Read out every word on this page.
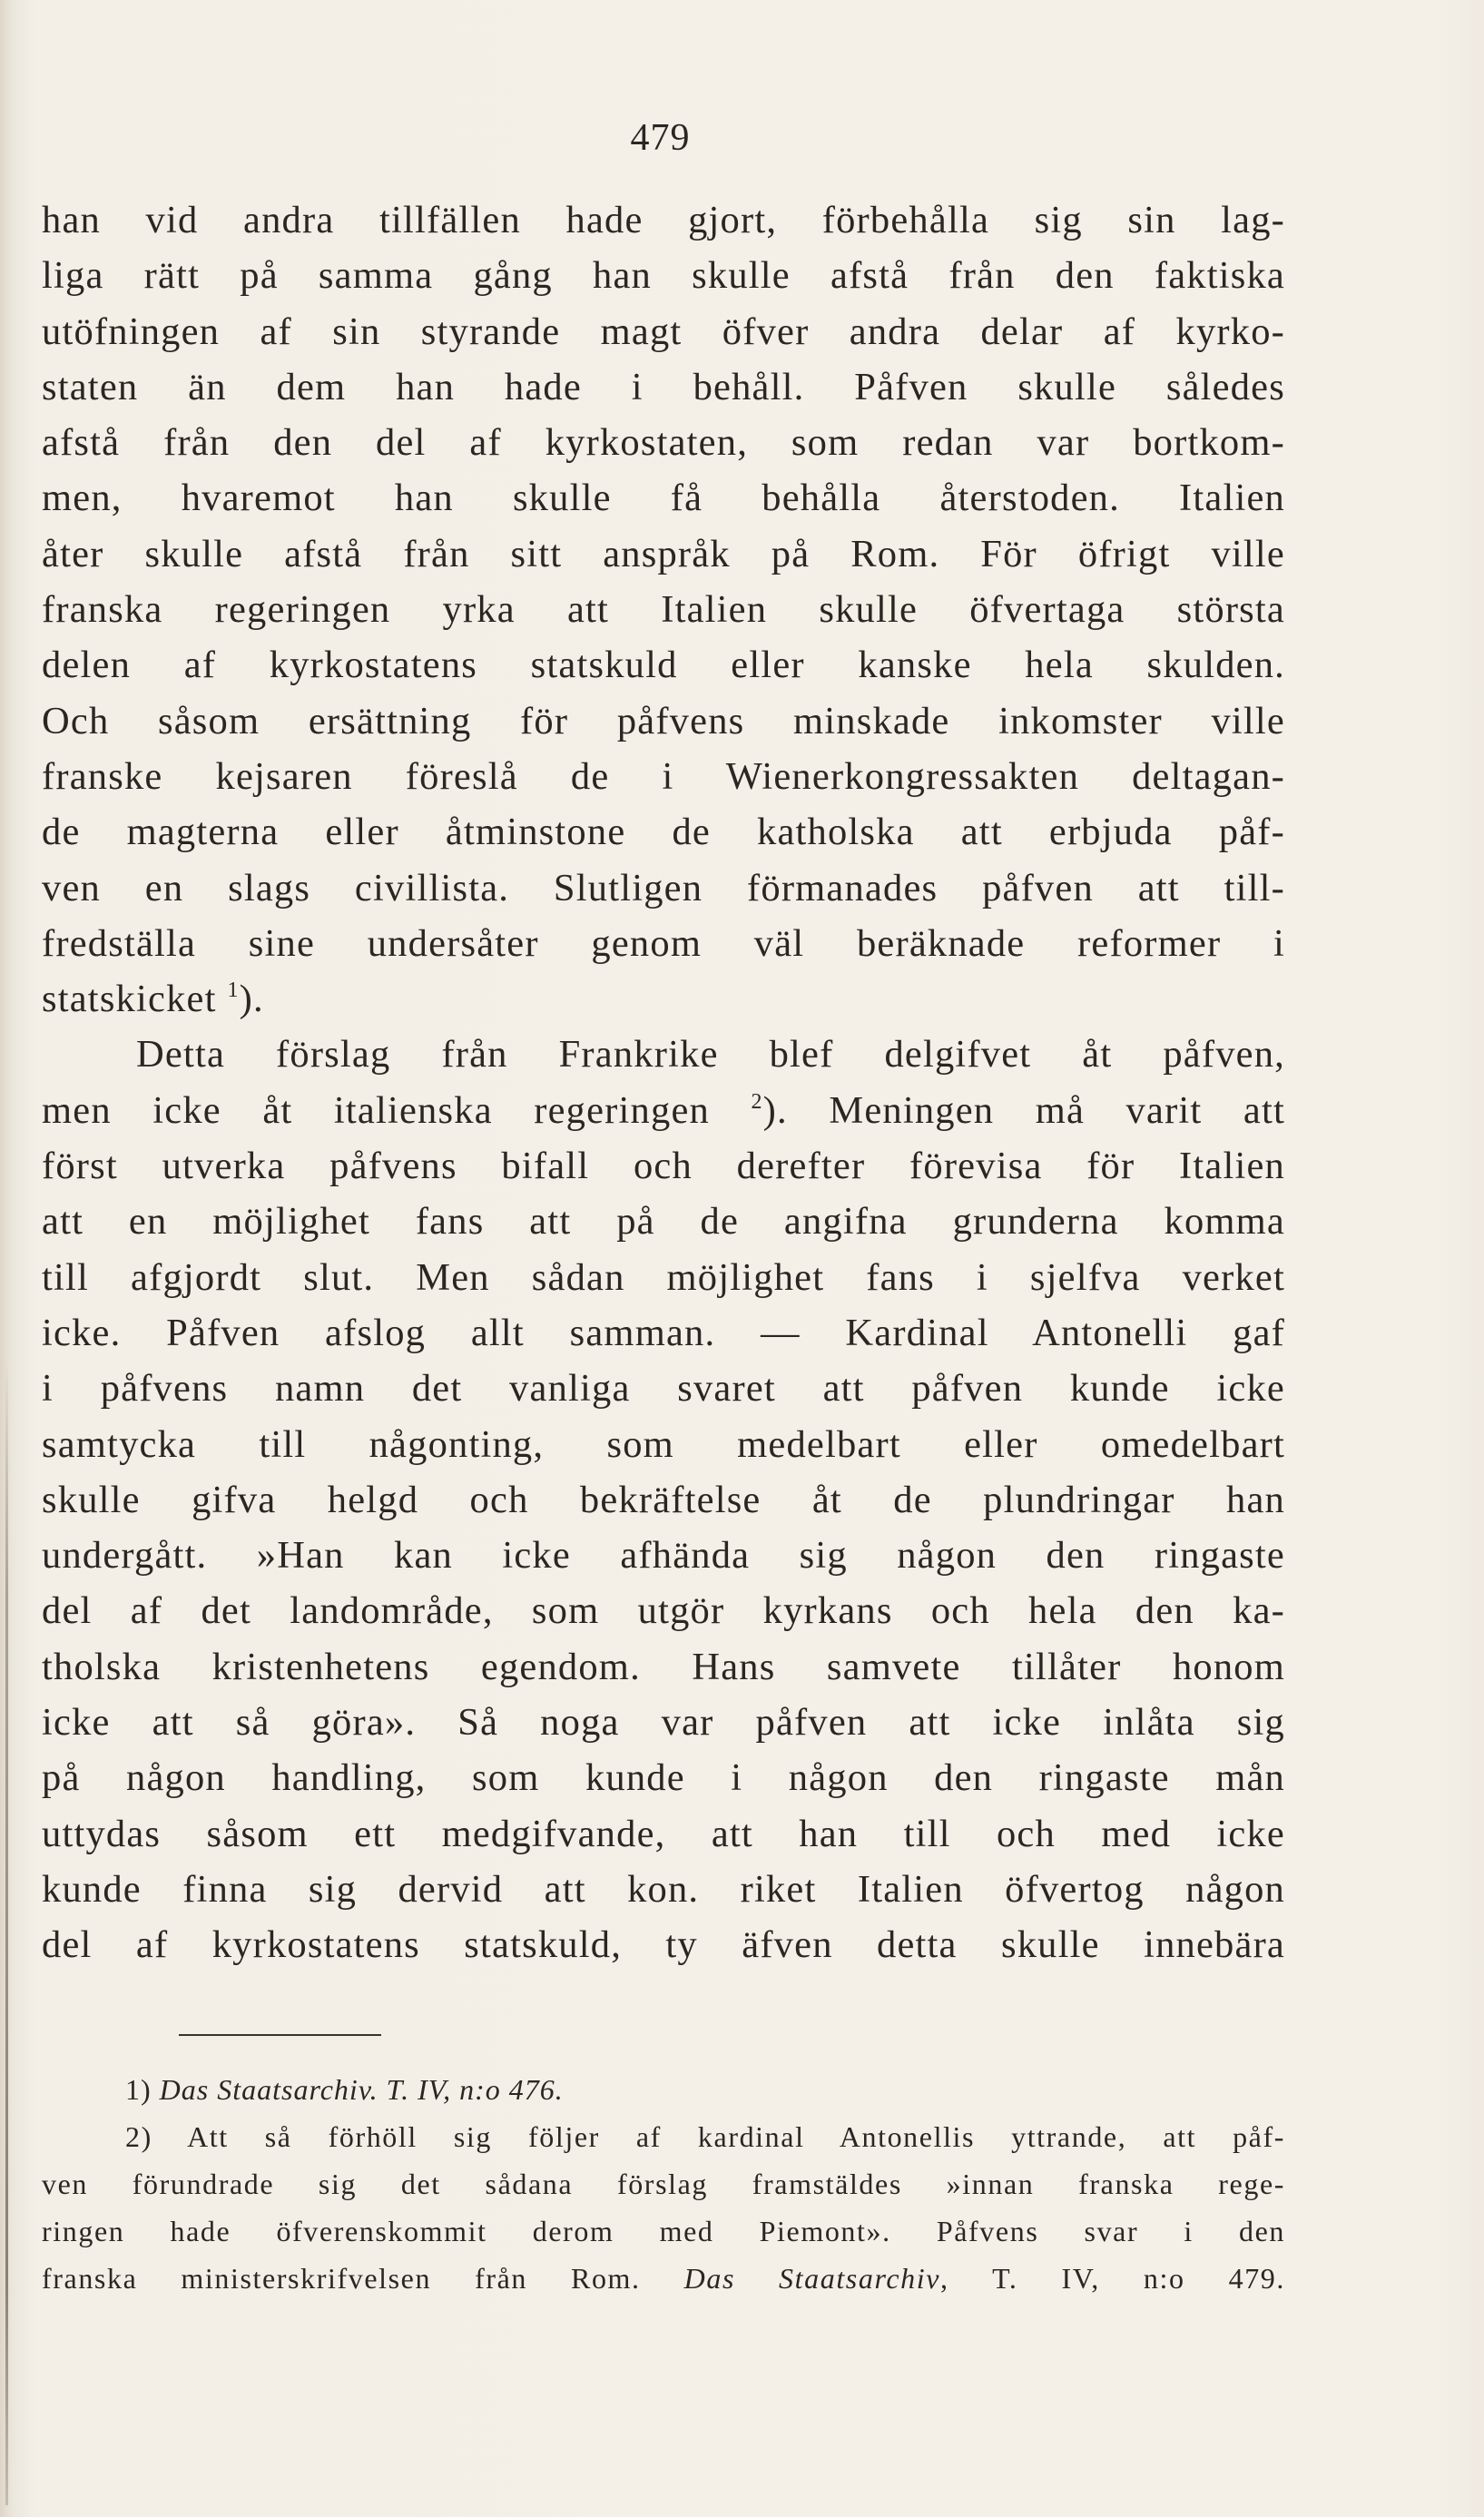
479
han vid andra tillfällen hade gjort, förbehålla sig sin lag-
liga rätt på samma gång han skulle afstå från den faktiska
utöfningen af sin styrande magt öfver andra delar af kyrko-
staten än dem han hade i behåll. Påfven skulle således
afstå från den del af kyrkostaten, som redan var bortkom-
men, hvaremot han skulle få behålla återstoden. Italien
åter skulle afstå från sitt anspråk på Rom. För öfrigt ville
franska regeringen yrka att Italien skulle öfvertaga största
delen af kyrkostatens statskuld eller kanske hela skulden.
Och såsom ersättning för påfvens minskade inkomster ville
franske kejsaren föreslå de i Wienerkongressakten deltagan-
de magterna eller åtminstone de katholska att erbjuda påf-
ven en slags civillista. Slutligen förmanades påfven att till-
fredställa sine undersåter genom väl beräknade reformer i
statskicket $^1$).
Detta förslag från Frankrike blef delgifvet åt påfven,
men icke åt italienska regeringen $^2$). Meningen må varit att
först utverka påfvens bifall och derefter förevisa för Italien
att en möjlighet fans att på de angifna grunderna komma
till afgjordt slut. Men sådan möjlighet fans i sjelfva verket
icke. Påfven afslog allt samman. — Kardinal Antonelli gaf
i påfvens namn det vanliga svaret att påfven kunde icke
samtycka till någonting, som medelbart eller omedelbart
skulle gifva helgd och bekräftelse åt de plundringar han
undergått. »Han kan icke afhända sig någon den ringaste
del af det landområde, som utgör kyrkans och hela den ka-
tholska kristenhetens egendom. Hans samvete tillåter honom
icke att så göra». Så noga var påfven att icke inlåta sig
på någon handling, som kunde i någon den ringaste mån
uttydas såsom ett medgifvande, att han till och med icke
kunde finna sig dervid att kon. riket Italien öfvertog någon
del af kyrkostatens statskuld, ty äfven detta skulle innebära
1) Das Staatsarchiv. T. IV, n:o 476.
2) Att så förhöll sig följer af kardinal Antonellis yttrande, att påf-
ven förundrade sig det sådana förslag framstäldes »innan franska rege-
ringen hade öfverenskommit derom med Piemont». Påfvens svar i den
franska ministerskrifvelsen från Rom. Das Staatsarchiv, T. IV, n:o 479.
